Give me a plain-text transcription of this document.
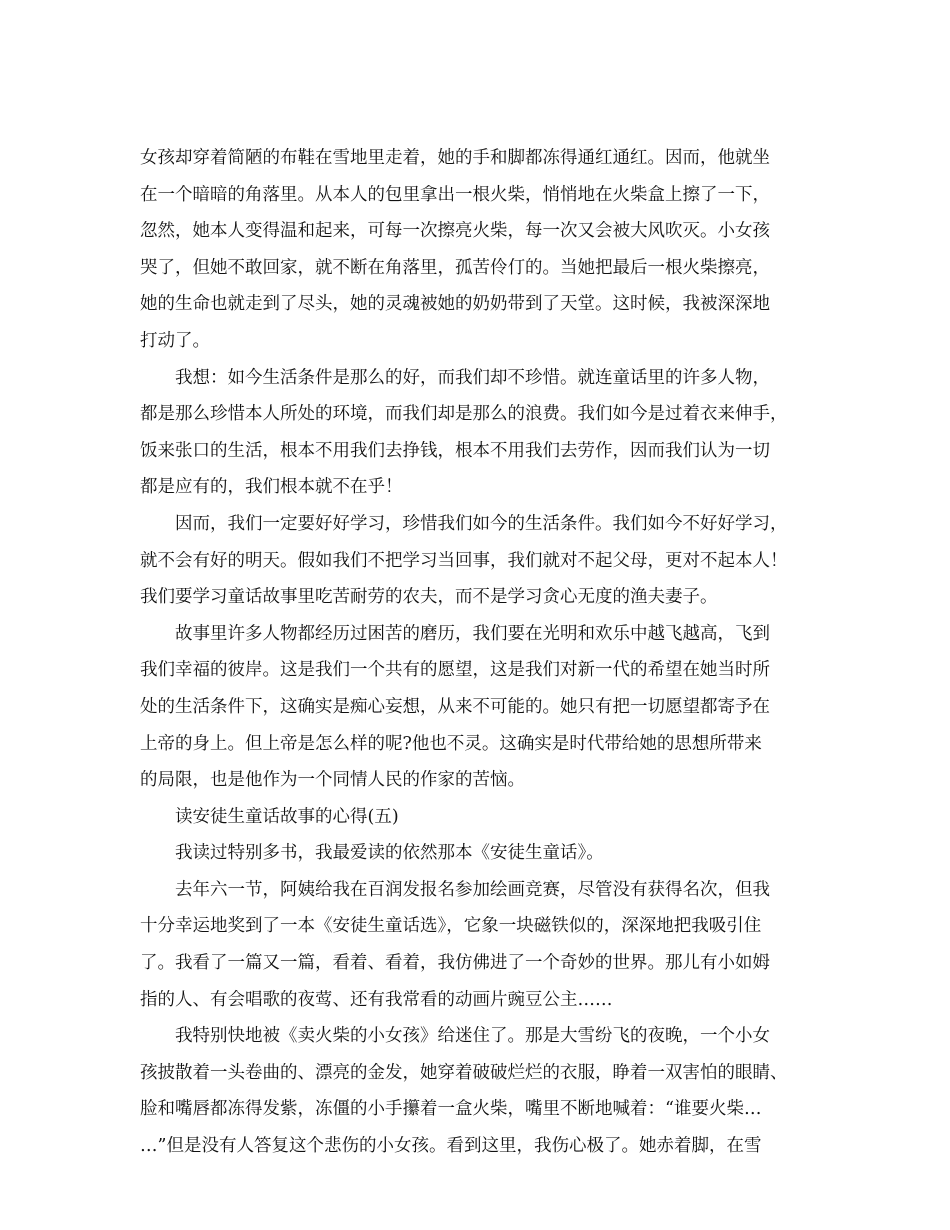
女孩却穿着简陋的布鞋在雪地里走着，她的手和脚都冻得通红通红。因而，他就坐
在一个暗暗的角落里。从本人的包里拿出一根火柴，悄悄地在火柴盒上擦了一下，
忽然，她本人变得温和起来，可每一次擦亮火柴，每一次又会被大风吹灭。小女孩
哭了，但她不敢回家，就不断在角落里，孤苦伶仃的。当她把最后一根火柴擦亮，
她的生命也就走到了尽头，她的灵魂被她的奶奶带到了天堂。这时候，我被深深地
打动了。
我想：如今生活条件是那么的好，而我们却不珍惜。就连童话里的许多人物，
都是那么珍惜本人所处的环境，而我们却是那么的浪费。我们如今是过着衣来伸手，
饭来张口的生活，根本不用我们去挣钱，根本不用我们去劳作，因而我们认为一切
都是应有的，我们根本就不在乎！
因而，我们一定要好好学习，珍惜我们如今的生活条件。我们如今不好好学习，
就不会有好的明天。假如我们不把学习当回事，我们就对不起父母，更对不起本人！
我们要学习童话故事里吃苦耐劳的农夫，而不是学习贪心无度的渔夫妻子。
故事里许多人物都经历过困苦的磨历，我们要在光明和欢乐中越飞越高，飞到
我们幸福的彼岸。这是我们一个共有的愿望，这是我们对新一代的希望在她当时所
处的生活条件下，这确实是痴心妄想，从来不可能的。她只有把一切愿望都寄予在
上帝的身上。但上帝是怎么样的呢?他也不灵。这确实是时代带给她的思想所带来
的局限，也是他作为一个同情人民的作家的苦恼。
读安徒生童话故事的心得(五)
我读过特别多书，我最爱读的依然那本《安徒生童话》。
去年六一节，阿姨给我在百润发报名参加绘画竞赛，尽管没有获得名次，但我
十分幸运地奖到了一本《安徒生童话选》，它象一块磁铁似的，深深地把我吸引住
了。我看了一篇又一篇，看着、看着，我仿佛进了一个奇妙的世界。那儿有小如姆
指的人、有会唱歌的夜莺、还有我常看的动画片豌豆公主……
我特别快地被《卖火柴的小女孩》给迷住了。那是大雪纷飞的夜晚，一个小女
孩披散着一头卷曲的、漂亮的金发，她穿着破破烂烂的衣服，睁着一双害怕的眼睛、
脸和嘴唇都冻得发紫，冻僵的小手攥着一盒火柴，嘴里不断地喊着：“谁要火柴…
…”但是没有人答复这个悲伤的小女孩。看到这里，我伤心极了。她赤着脚，在雪
